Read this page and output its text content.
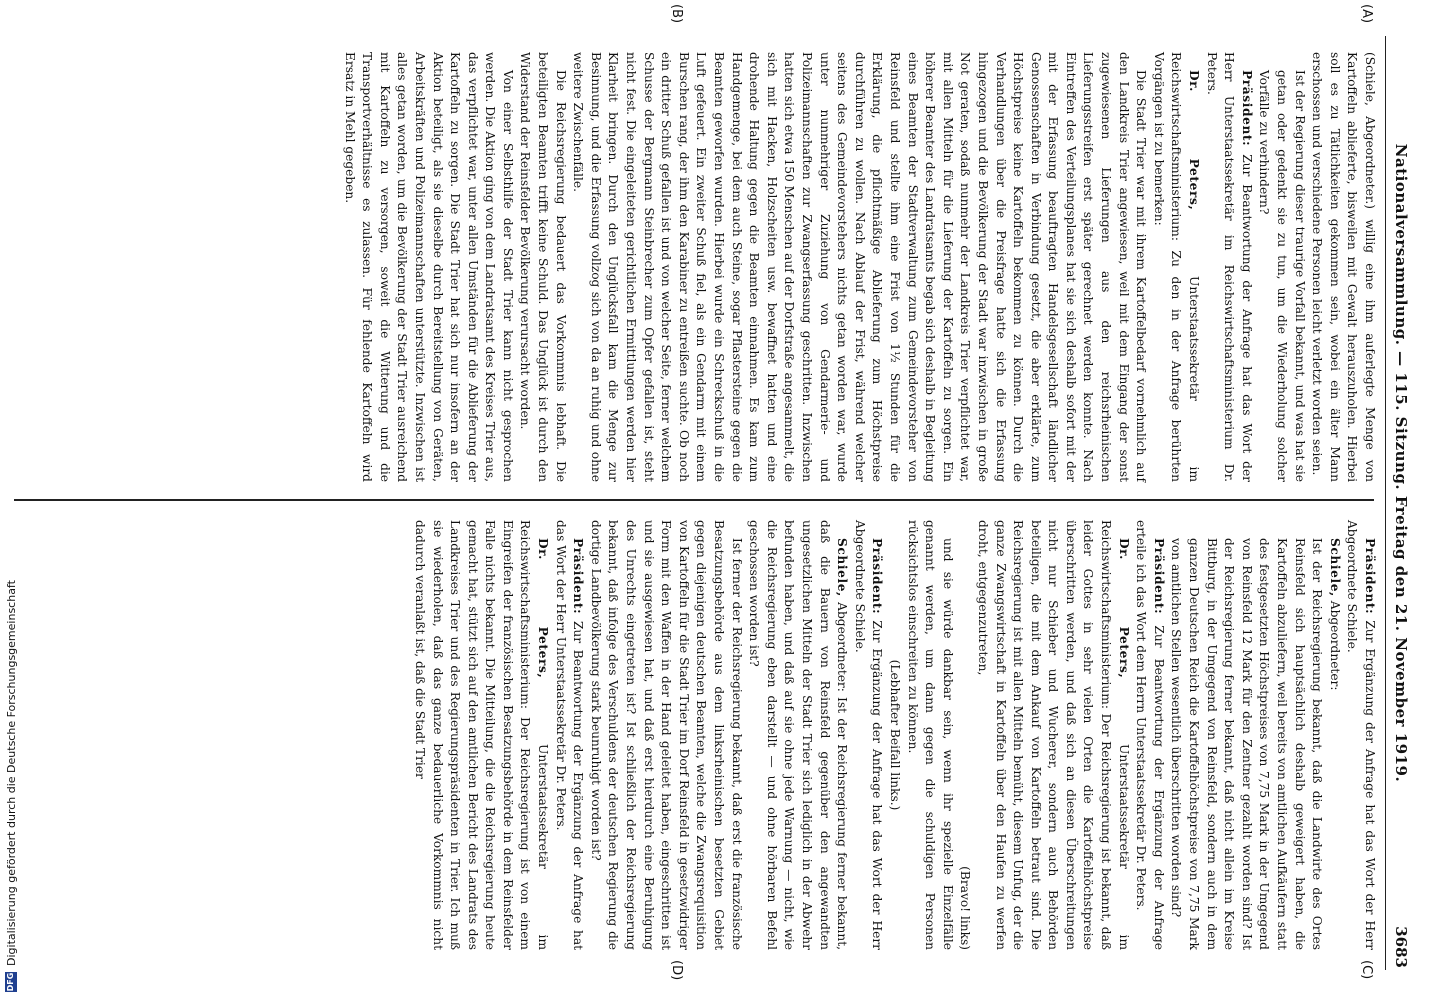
Nationalversammlung. — 115. Sitzung. Freitag den 21. November 1919.
3683
(A)
(B)
(C)
(D)

(Schiele, Abgeordneter.) willig eine ihm auferlegte Menge von Kartoffeln ablieferte, bisweilen mit Gewalt herauszuholen. Hierbei soll es zu Tätlichkeiten gekommen sein, wobei ein älter Mann erschossen und verschiedene Personen leicht verletzt worden seien.

Ist der Regierung dieser traurige Vorfall bekannt, und was hat sie getan oder gedenkt sie zu tun, um die Wiederholung solcher Vorfälle zu verhindern?

Präsident: Zur Beantwortung der Anfrage hat das Wort der Herr Unterstaatssekretär im Reichswirtschaftsministerium Dr. Peters.

Dr. Peters, Unterstaatssekretär im Reichswirtschaftsministerium: Zu den in der Anfrage berührten Vorgängen ist zu bemerken:

Die Stadt Trier war mit ihrem Kartoffelbedarf vornehmlich auf den Landkreis Trier angewiesen, weil mit dem Eingang der sonst zugewiesenen Lieferungen aus den reichsrheinischen Lieferungsstreifen erst später gerechnet werden konnte. Nach Eintreffen des Verteilungsplanes hat sie sich deshalb sofort mit der mit der Erfassung beauftragten Handelsgesellschaft ländlicher Genossenschaften in Verbindung gesetzt, die aber erklärte, zum Höchstpreise keine Kartoffeln bekommen zu können. Durch die Verhandlungen über die Preisfrage hatte sich die Erfassung hingezogen und die Bevölkerung der Stadt war inzwischen in große Not geraten, sodaß nunmehr der Landkreis Trier verpflichtet war, mit allen Mitteln für die Lieferung der Kartoffeln zu sorgen. Ein höherer Beamter des Landratsamts begab sich deshalb in Begleitung eines Beamten der Stadtverwaltung zum Gemeindevorsteher von Reinsfeld und stellte ihm eine Frist von 1½ Stunden für die Erklärung, die pflichtmäßige Ablieferung zum Höchstpreise durchführen zu wollen. Nach Ablauf der Frist, während welcher seitens des Gemeindevorstehers nichts getan worden war, wurde unter nunmehriger Zuziehung von Gendarmerie- und Polizeimannschaften zur Zwangserfassung geschritten. Inzwischen hatten sich etwa 150 Menschen auf der Dorfstraße angesammelt, die sich mit Hacken, Holzscheiten usw. bewaffnet hatten und eine drohende Haltung gegen die Beamten einnahmen. Es kam zum Handgemenge, bei dem auch Steine, sogar Pflastersteine gegen die Beamten geworfen wurden. Hierbei wurde ein Schreckschuß in die Luft gefeuert. Ein zweiter Schuß fiel, als ein Gendarm mit einem Burschen rang, der ihm den Karabiner zu entreißen suchte. Ob noch ein dritter Schuß gefallen ist und von welcher Seite, ferner welchem Schusse der Bergmann Steinbrecher zum Opfer gefallen ist, steht nicht fest. Die eingeleiteten gerichtlichen Ermittlungen werden hier Klarheit bringen. Durch den Unglücksfall kam die Menge zur Besinnung, und die Erfassung vollzog sich von da an ruhig und ohne weitere Zwischenfälle.

Die Reichsregierung bedauert das Vorkommnis lebhaft. Die beteiligten Beamten trifft keine Schuld. Das Unglück ist durch den Widerstand der Reinsfelder Bevölkerung verursacht worden.

Von einer Selbsthilfe der Stadt Trier kann nicht gesprochen werden. Die Aktion ging von dem Landratsamt des Kreises Trier aus, das verpflichtet war, unter allen Umständen für die Ablieferung der Kartoffeln zu sorgen. Die Stadt Trier hat sich nur insofern an der Aktion beteiligt, als sie dieselbe durch Bereitstellung von Geräten, Arbeitskräften und Polizeimannschaften unterstützte. Inzwischen ist alles getan worden, um die Bevölkerung der Stadt Trier ausreichend mit Kartoffeln zu versorgen, soweit die Witterung und die Transportverhältnisse es zulassen. Für fehlende Kartoffeln wird Ersatz in Mehl gegeben.

Präsident: Zur Ergänzung der Anfrage hat das Wort der Herr Abgeordnete Schiele.

Schiele, Abgeordneter:

Ist der Reichsregierung bekannt, daß die Landwirte des Ortes Reinsfeld sich hauptsächlich deshalb geweigert haben, die Kartoffeln abzuliefern, weil bereits von amtlichen Aufkäufern statt des festgesetzten Höchstpreises von 7,75 Mark in der Umgegend von Reinsfeld 12 Mark für den Zentner gezahlt worden sind? Ist der Reichsregierung ferner bekannt, daß nicht allein im Kreise Bittburg, in der Umgegend von Reinsfeld, sondern auch in dem ganzen Deutschen Reich die Kartoffelhöchstpreise von 7,75 Mark von amtlichen Stellen wesentlich überschritten worden sind?

Präsident: Zur Beantwortung der Ergänzung der Anfrage erteile ich das Wort dem Herrn Unterstaatssekretär Dr. Peters.

Dr. Peters, Unterstaatssekretär im Reichswirtschaftsministerium: Der Reichsregierung ist bekannt, daß leider Gottes in sehr vielen Orten die Kartoffelhöchstpreise überschritten werden, und daß sich an diesen Überschreitungen nicht nur Schieber und Wucherer, sondern auch Behörden beteiligen, die mit dem Ankauf von Kartoffeln betraut sind. Die Reichsregierung ist mit allen Mitteln bemüht, diesem Unfug, der die ganze Zwangswirtschaft in Kartoffeln über den Haufen zu werfen droht, entgegenzutreten,

(Bravo! links)

und sie würde dankbar sein, wenn ihr spezielle Einzelfälle genannt werden, um dann gegen die schuldigen Personen rücksichtslos einschreiten zu können.

(Lebhafter Beifall links.)

Präsident: Zur Ergänzung der Anfrage hat das Wort der Herr Abgeordnete Schiele.

Schiele, Abgeordneter: Ist der Reichsregierung ferner bekannt, daß die Bauern von Reinsfeld gegenüber den angewandten ungesetzlichen Mitteln der Stadt Trier sich lediglich in der Abwehr befunden haben, und daß auf sie ohne jede Warnung — nicht, wie die Reichsregierung eben darstellt — und ohne hörbaren Befehl geschossen worden ist?

Ist ferner der Reichsregierung bekannt, daß erst die französische Besatzungsbehörde aus dem linksrheinischen besetzten Gebiet gegen diejenigen deutschen Beamten, welche die Zwangsrequisition von Kartoffeln für die Stadt Trier im Dorf Reinsfeld in gesetzwidriger Form mit den Waffen in der Hand geleitet haben, eingeschritten ist und sie ausgewiesen hat, und daß erst hierdurch eine Beruhigung des Unrechts eingetreten ist? Ist schließlich der Reichsregierung bekannt, daß infolge des Verschuldens der deutschen Regierung die dortige Landbevölkerung stark beunruhigt worden ist?

Präsident: Zur Beantwortung der Ergänzung der Anfrage hat das Wort der Herr Unterstaatssekretär Dr. Peters.

Dr. Peters, Unterstaatssekretär im Reichswirtschaftsministerium: Der Reichsregierung ist von einem Eingreifen der französischen Besatzungsbehörde in dem Reinsfelder Falle nichts bekannt. Die Mitteilung, die die Reichsregierung heute gemacht hat, stützt sich auf den amtlichen Bericht des Landrats des Landkreises Trier und des Regierungspräsidenten in Trier. Ich muß sie wiederholen, daß das ganze bedauerliche Vorkommnis nicht dadurch veranlaßt ist, daß die Stadt Trier

DFG
Digitalisierung gefördert durch die Deutsche Forschungsgemeinschaft
